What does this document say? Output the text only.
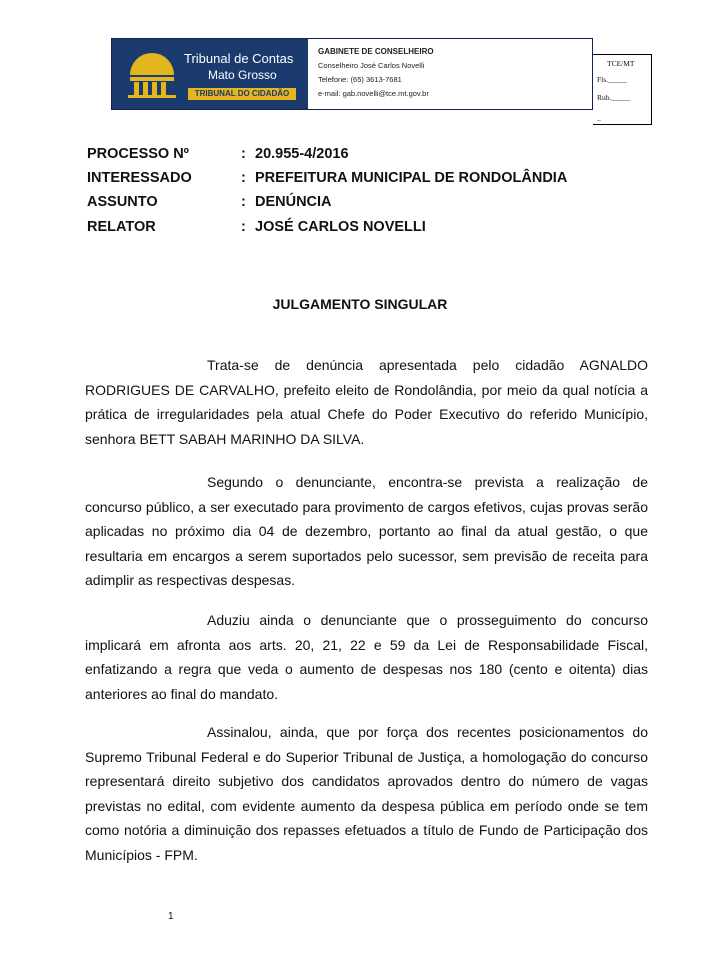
Tribunal de Contas
Mato Grosso
TRIBUNAL DO CIDADÃO
GABINETE DE CONSELHEIRO
Conselheiro José Carlos Novelli
Telefone: (65) 3613-7681
e-mail: gab.novelli@tce.mt.gov.br
TCE/MT
Fls._____
Rub._____
_
PROCESSO Nº	: 20.955-4/2016
INTERESSADO	: PREFEITURA MUNICIPAL DE RONDOLÂNDIA
ASSUNTO	: DENÚNCIA
RELATOR	: JOSÉ CARLOS NOVELLI
JULGAMENTO SINGULAR

Trata-se de denúncia apresentada pelo cidadão AGNALDO RODRIGUES DE CARVALHO, prefeito eleito de Rondolândia, por meio da qual notícia a prática de irregularidades pela atual Chefe do Poder Executivo do referido Município, senhora BETT SABAH MARINHO DA SILVA.

Segundo o denunciante, encontra-se prevista a realização de concurso público, a ser executado para provimento de cargos efetivos, cujas provas serão aplicadas no próximo dia 04 de dezembro, portanto ao final da atual gestão, o que resultaria em encargos a serem suportados pelo sucessor, sem previsão de receita para adimplir as respectivas despesas.

Aduziu ainda o denunciante que o prosseguimento do concurso implicará em afronta aos arts. 20, 21, 22 e 59 da Lei de Responsabilidade Fiscal, enfatizando a regra que veda o aumento de despesas nos 180 (cento e oitenta) dias anteriores ao final do mandato.

Assinalou, ainda, que por força dos recentes posicionamentos do Supremo Tribunal Federal e do Superior Tribunal de Justiça, a homologação do concurso representará direito subjetivo dos candidatos aprovados dentro do número de vagas previstas no edital, com evidente aumento da despesa pública em período onde se tem como notória a diminuição dos repasses efetuados a título de Fundo de Participação dos Municípios - FPM.

1
